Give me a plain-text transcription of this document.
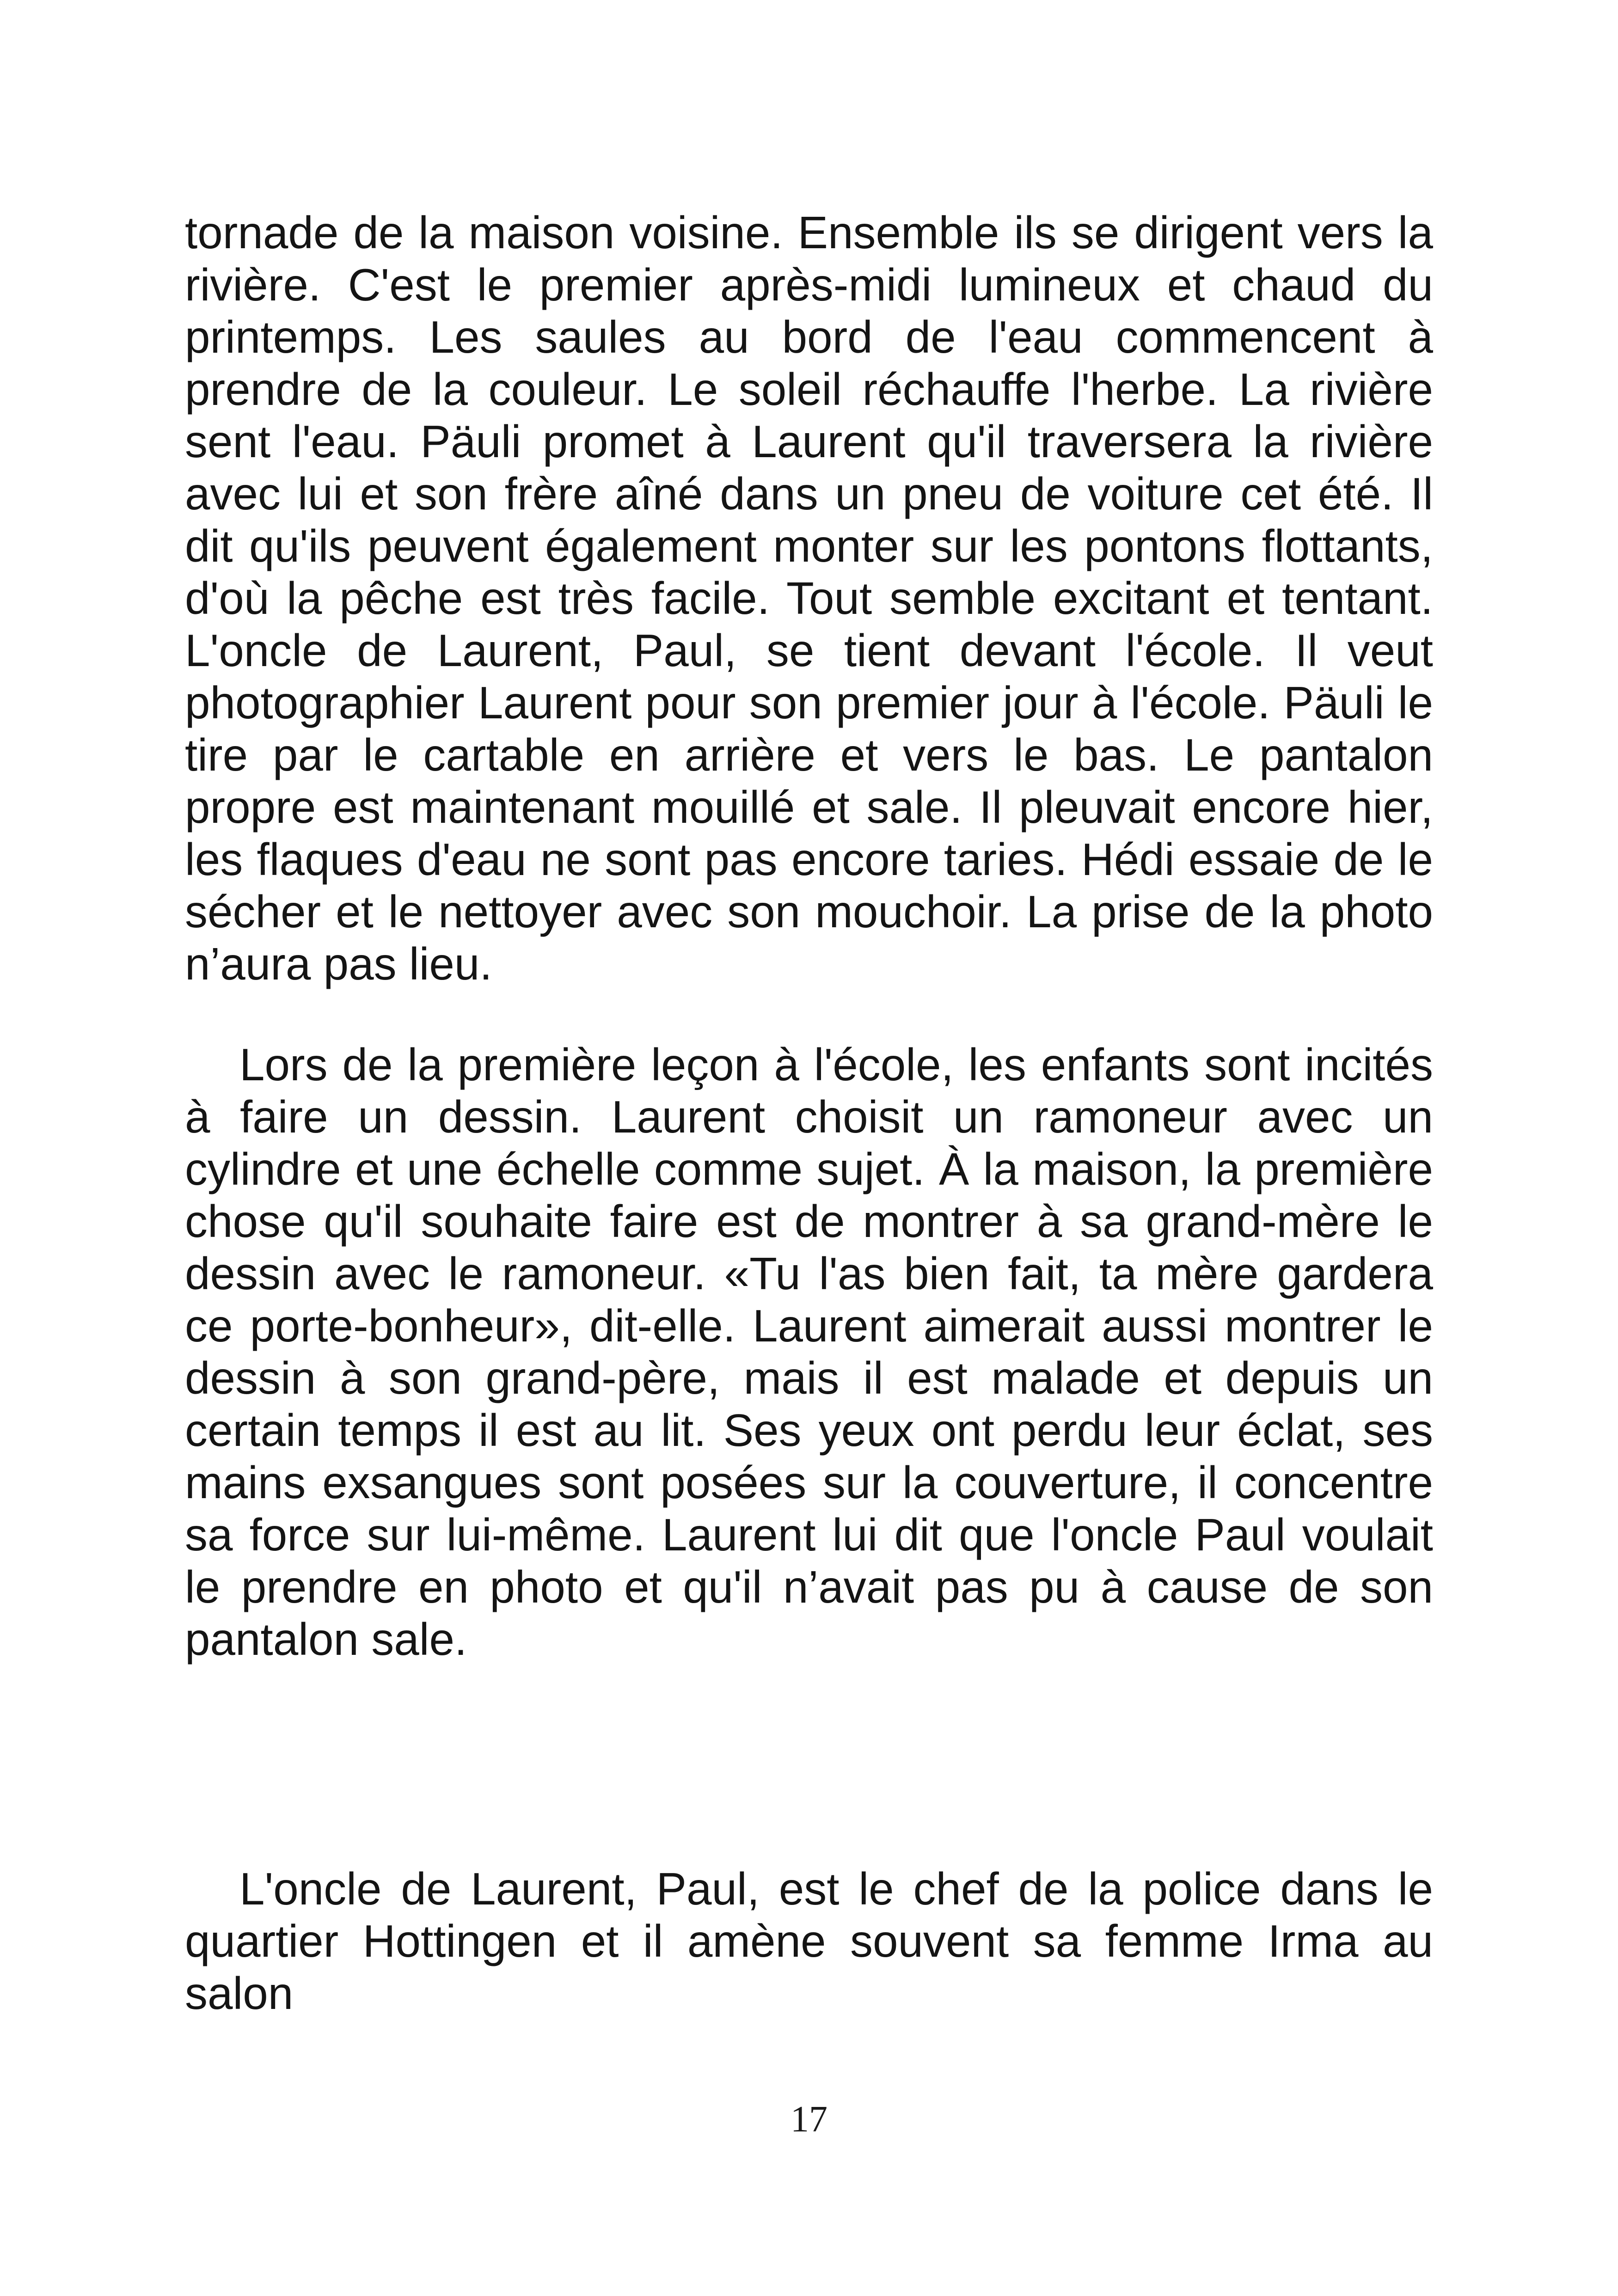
tornade de la maison voisine. Ensemble ils se dirigent vers la rivière. C'est le premier après-midi lumineux et chaud du printemps. Les saules au bord de l'eau commencent à prendre de la couleur. Le soleil réchauffe l'herbe. La rivière sent l'eau. Päuli promet à Laurent qu'il traversera la rivière avec lui et son frère aîné dans un pneu de voiture cet été. Il dit qu'ils peuvent également monter sur les pontons flottants, d'où la pêche est très facile. Tout semble excitant et tentant. L'oncle de Laurent, Paul, se tient devant l'école. Il veut photographier Laurent pour son premier jour à l'école. Päuli le tire par le cartable en arrière et vers le bas. Le pantalon propre est maintenant mouillé et sale. Il pleuvait encore hier, les flaques d'eau ne sont pas encore taries. Hédi essaie de le sécher et le nettoyer avec son mouchoir. La prise de la photo n’aura pas lieu.

Lors de la première leçon à l'école, les enfants sont incités à faire un dessin. Laurent choisit un ramoneur avec un cylindre et une échelle comme sujet. À la maison, la première chose qu'il souhaite faire est de montrer à sa grand-mère le dessin avec le ramoneur. «Tu l'as bien fait, ta mère gardera ce porte-bonheur», dit-elle. Laurent aimerait aussi montrer le dessin à son grand-père, mais il est malade et depuis un certain temps il est au lit. Ses yeux ont perdu leur éclat, ses mains exsangues sont posées sur la couverture, il concentre sa force sur lui-même. Laurent lui dit que l'oncle Paul voulait le prendre en photo et qu'il n’avait pas pu à cause de son pantalon sale.

L'oncle de Laurent, Paul, est le chef de la police dans le quartier Hottingen et il amène souvent sa femme Irma au salon

17
